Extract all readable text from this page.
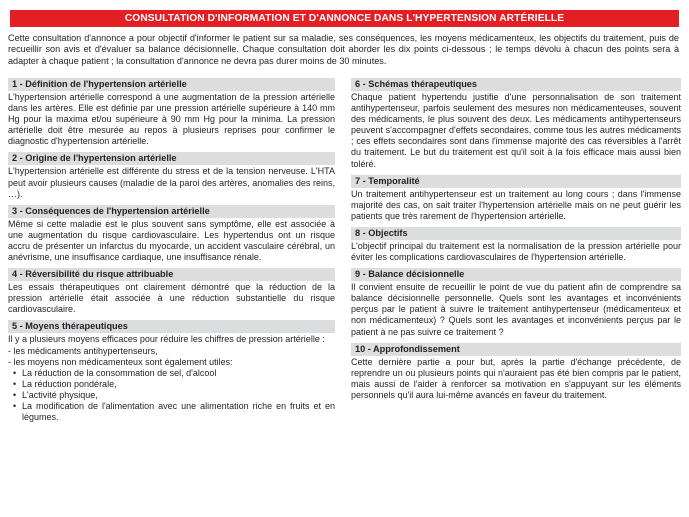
CONSULTATION D'INFORMATION ET D'ANNONCE DANS L'HYPERTENSION ARTÉRIELLE
Cette consultation d'annonce a pour objectif d'informer le patient sur sa maladie, ses conséquences, les moyens médicamenteux, les objectifs du traitement, puis de recueillir son avis et d'évaluer sa balance décisionnelle. Chaque consultation doit aborder les dix points ci-dessous ; le temps dévolu à chacun des points sera à adapter à chaque patient ; la consultation d'annonce ne devra pas durer moins de 30 minutes.
1 - Définition de l'hypertension artérielle
L'hypertension artérielle correspond à une augmentation de la pression artérielle dans les artères. Elle est définie par une pression artérielle supérieure à 140 mm Hg pour la maxima et/ou supérieure à 90 mm Hg pour la minima. La pression artérielle doit être mesurée au repos à plusieurs reprises pour confirmer le diagnostic d'hypertension artérielle.
2 - Origine de l'hypertension artérielle
L'hypertension artérielle est différente du stress et de la tension nerveuse. L'HTA peut avoir plusieurs causes (maladie de la paroi des artères, anomalies des reins, …).
3 - Conséquences de l'hypertension artérielle
Même si cette maladie est le plus souvent sans symptôme, elle est associée à une augmentation du risque cardiovasculaire. Les hypertendus ont un risque accru de présenter un infarctus du myocarde, un accident vasculaire cérébral, un anévrisme, une insuffisance cardiaque, une insuffisance rénale.
4 - Réversibilité du risque attribuable
Les essais thérapeutiques ont clairement démontré que la réduction de la pression artérielle était associée à une réduction substantielle du risque cardiovasculaire.
5 - Moyens thérapeutiques
Il y a plusieurs moyens efficaces pour réduire les chiffres de pression artérielle :
- les médicaments antihypertenseurs,
- les moyens non médicamenteux sont également utiles:
• La réduction de la consommation de sel, d'alcool
• La réduction pondérale,
• L'activité physique,
• La modification de l'alimentation avec une alimentation riche en fruits et en légumes.
6 - Schémas thérapeutiques
Chaque patient hypertendu justifie d'une personnalisation de son traitement antihypertenseur, parfois seulement des mesures non médicamenteuses, souvent des médicaments, le plus souvent des deux. Les médicaments antihypertenseurs peuvent s'accompagner d'effets secondaires, comme tous les autres médicaments ; ces effets secondaires sont dans l'immense majorité des cas réversibles à l'arrêt du traitement. Le but du traitement est qu'il soit à la fois efficace mais aussi bien toléré.
7 - Temporalité
Un traitement antihypertenseur est un traitement au long cours ; dans l'immense majorité des cas, on sait traiter l'hypertension artérielle mais on ne peut guérir les patients que très rarement de l'hypertension artérielle.
8 - Objectifs
L'objectif principal du traitement est la normalisation de la pression artérielle pour éviter les complications cardiovasculaires de l'hypertension artérielle.
9 - Balance décisionnelle
Il convient ensuite de recueillir le point de vue du patient afin de comprendre sa balance décisionnelle personnelle. Quels sont les avantages et inconvénients perçus par le patient à suivre le traitement antihypertenseur (médicamenteux et non médicamenteux) ? Quels sont les avantages et inconvénients perçus par le patient à ne pas suivre ce traitement ?
10 - Approfondissement
Cette dernière partie a pour but, après la partie d'échange précédente, de reprendre un ou plusieurs points qui n'auraient pas été bien compris par le patient, mais aussi de l'aider à renforcer sa motivation en s'appuyant sur les éléments personnels qu'il aura lui-même avancés en faveur du traitement.
